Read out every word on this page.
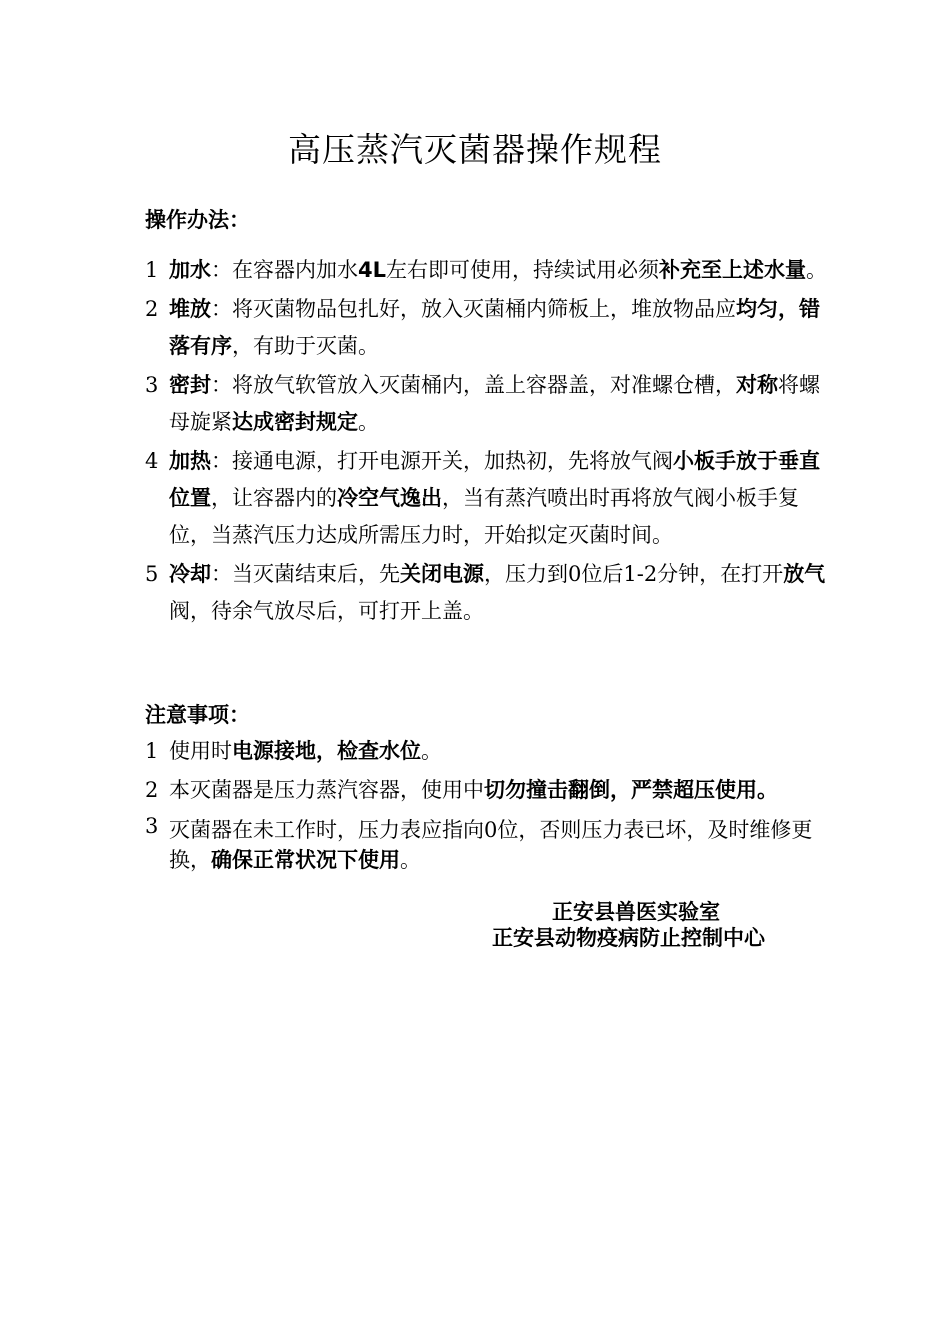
高压蒸汽灭菌器操作规程
操作办法：
1 加水：在容器内加水4L左右即可使用，持续试用必须补充至上述水量。
2 堆放：将灭菌物品包扎好，放入灭菌桶内筛板上，堆放物品应均匀，错落有序，有助于灭菌。
3 密封：将放气软管放入灭菌桶内，盖上容器盖，对准螺仓槽，对称将螺母旋紧达成密封规定。
4 加热：接通电源，打开电源开关，加热初，先将放气阀小板手放于垂直位置，让容器内的冷空气逸出，当有蒸汽喷出时再将放气阀小板手复位，当蒸汽压力达成所需压力时，开始拟定灭菌时间。
5 冷却：当灭菌结束后，先关闭电源，压力到0位后1-2分钟，在打开放气阀，待余气放尽后，可打开上盖。
注意事项：
1 使用时电源接地，检查水位。
2 本灭菌器是压力蒸汽容器，使用中切勿撞击翻倒，严禁超压使用。
3 灭菌器在未工作时，压力表应指向0位，否则压力表已坏，及时维修更换，确保正常状况下使用。
正安县兽医实验室
正安县动物疫病防止控制中心
